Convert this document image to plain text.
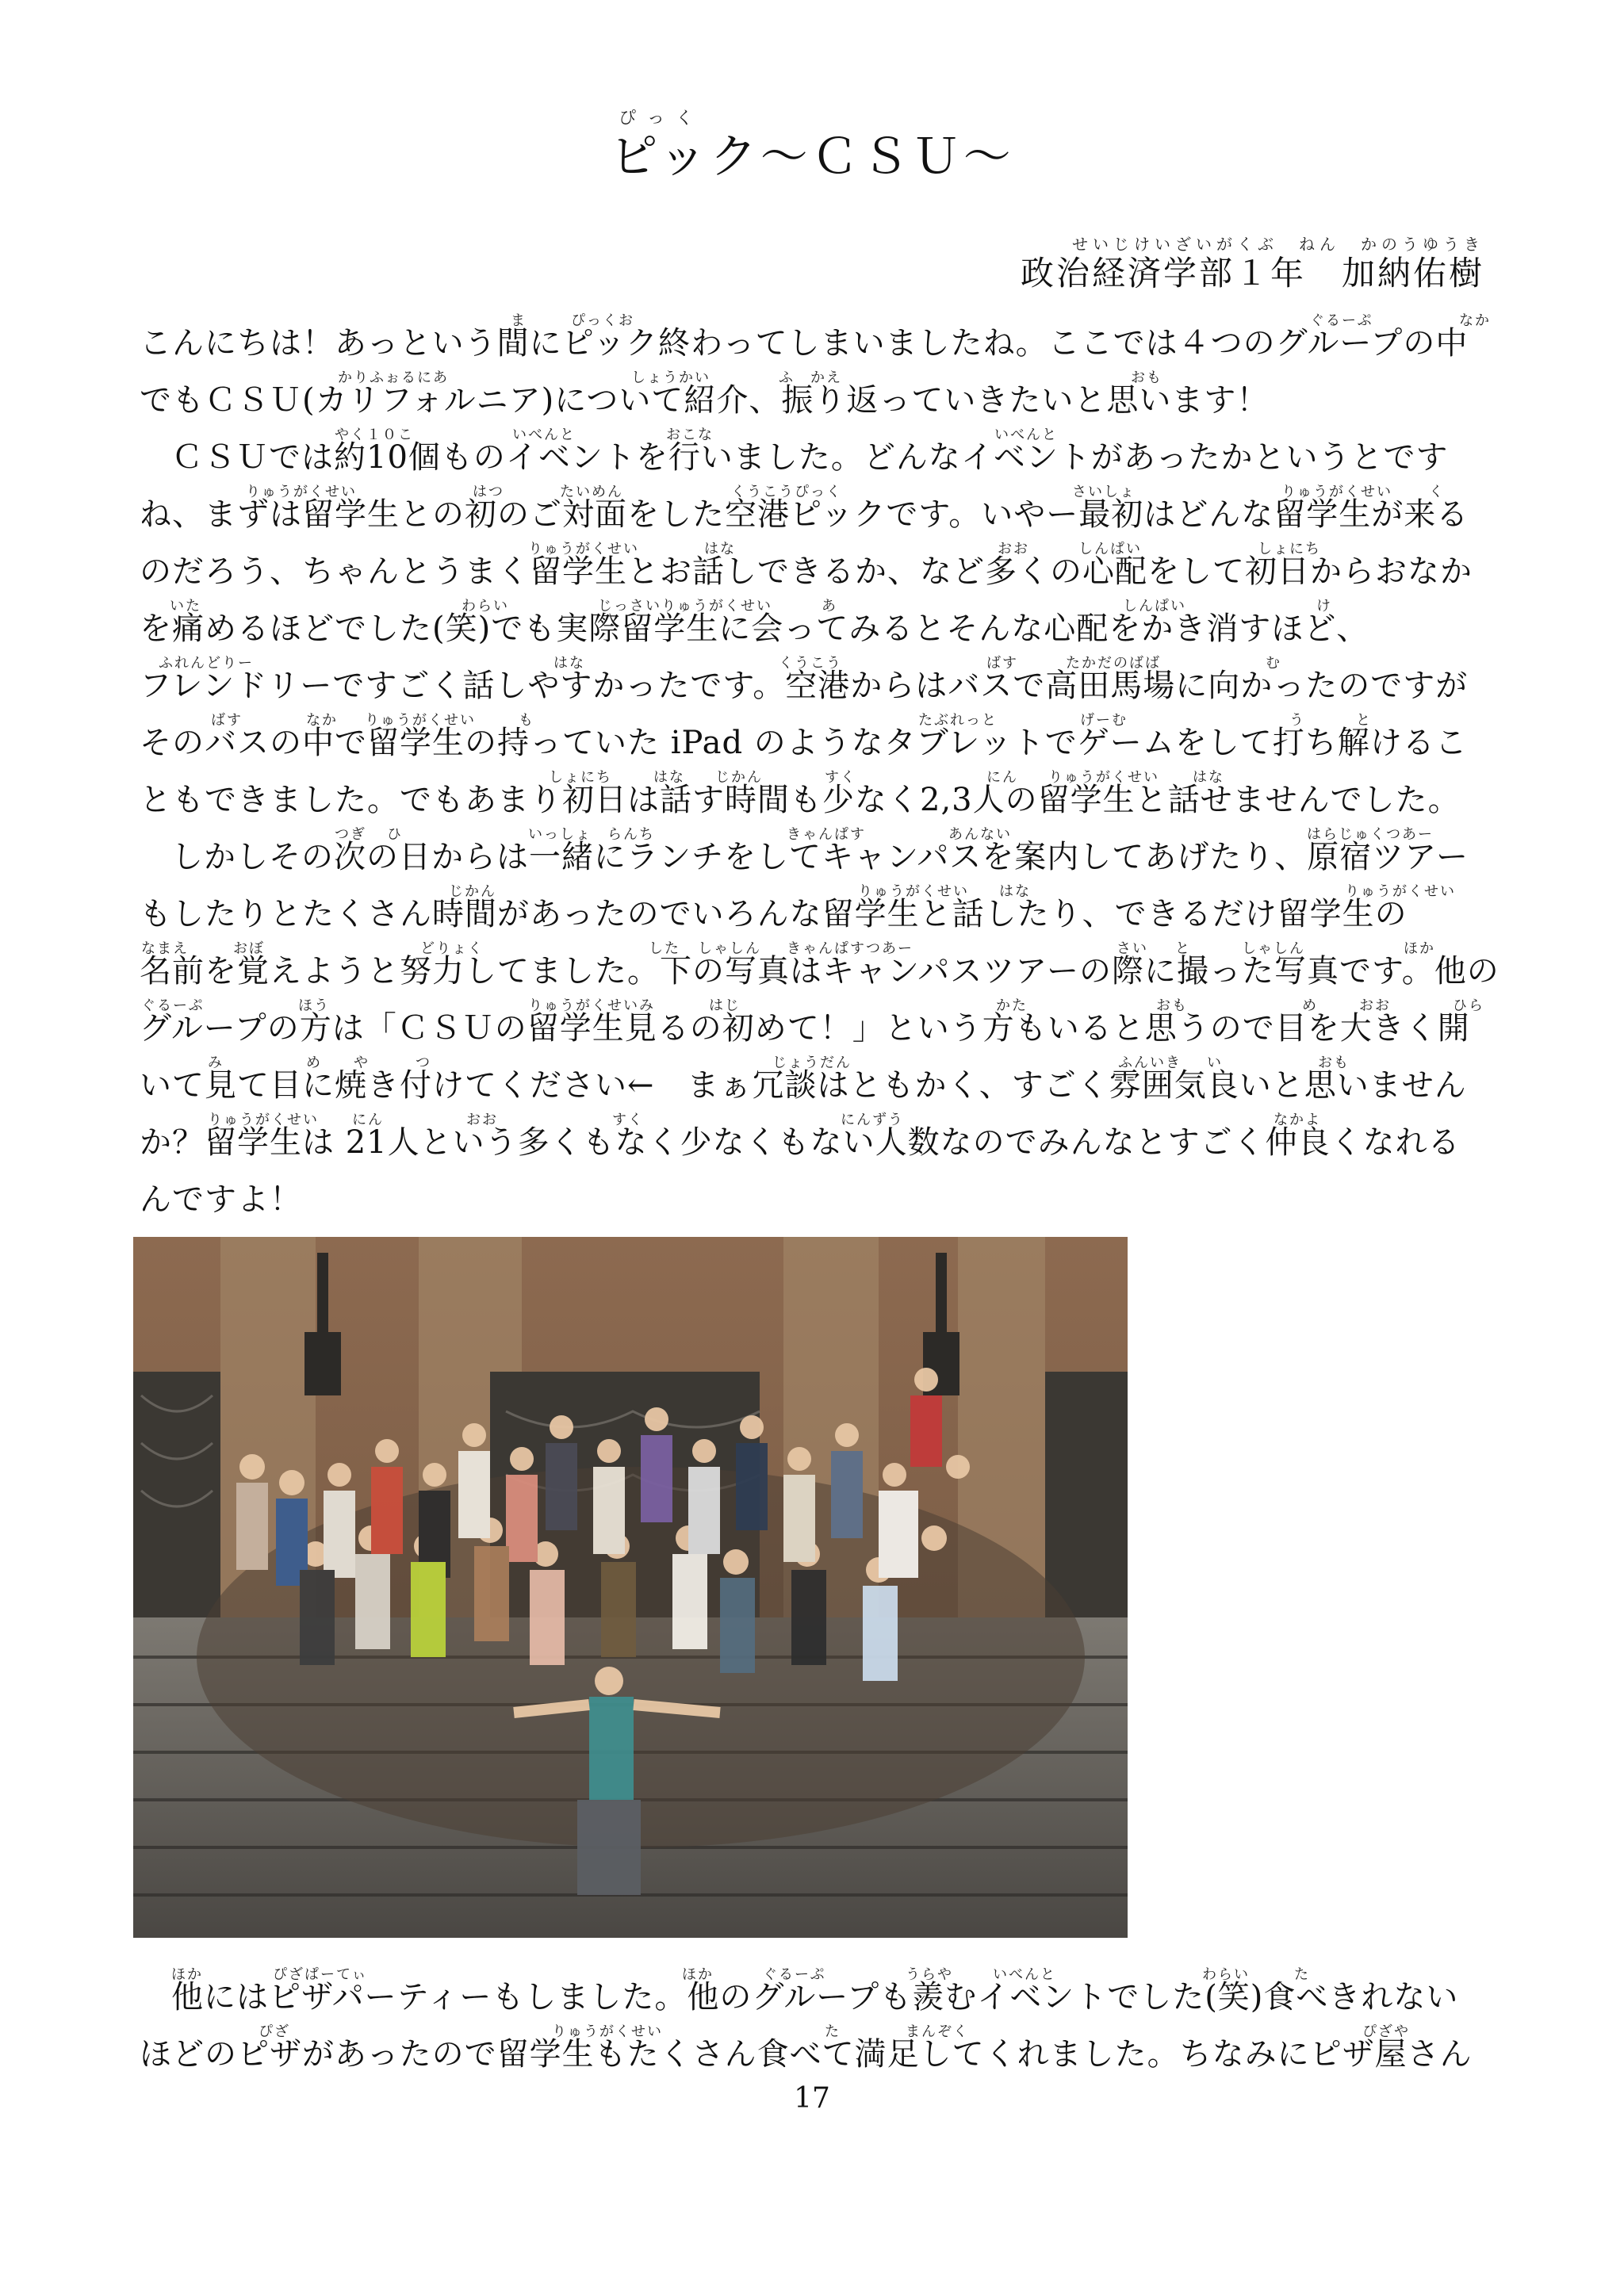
ぴっく
ピック～ＣＳＵ～
せいじけいざいがくぶ　ねん　かのうゆうき
政治経済学部１年　加納佑樹
ま	ぴっくお	ぐるーぷ	なか
こんにちは！あっという間にピック終わってしまいましたね。ここでは４つのグループの中
かりふぉるにあ	しょうかい	ふ かえ	おも
でもＣＳＵ(カリフォルニア)について紹介、振り返っていきたいと思います！
やく１０こ	いべんと	おこな	いべんと
ＣＳＵでは約10個ものイベントを行いました。どんなイベントがあったかというとです
りゅうがくせい	はつ	たいめん	くうこうぴっく	さいしょ	りゅうがくせい	く
ね、まずは留学生との初のご対面をした空港ピックです。いやー最初はどんな留学生が来る
りゅうがくせい	はな	おお	しんぱい	しょにち
のだろう、ちゃんとうまく留学生とお話しできるか、など多くの心配をして初日からおなか
いた	わらい	じっさいりゅうがくせい	あ	しんぱい	け
を痛めるほどでした(笑)でも実際留学生に会ってみるとそんな心配をかき消すほど、
ふれんどりー	はな	くうこう	ばす	たかだのばば	む
フレンドリーですごく話しやすかったです。空港からはバスで高田馬場に向かったのですが
ばす	なか りゅうがくせい	も	たぶれっと	げーむ	う	と
そのバスの中で留学生の持っていた iPad のようなタブレットでゲームをして打ち解けるこ
しょにち	はな じかん	すく	にん りゅうがくせい はな
ともできました。でもあまり初日は話す時間も少なく2,3人の留学生と話せませんでした。
つぎ ひ	いっしょ らんち	きゃんぱす	あんない	はらじゅくつあー
しかしその次の日からは一緒にランチをしてキャンパスを案内してあげたり、原宿ツアー
じかん	りゅうがくせい はな	りゅうがくせい
もしたりとたくさん時間があったのでいろんな留学生と話したり、できるだけ留学生の
なまえ	おぼ	どりょく	した しゃしん きゃんぱすつあー	さい と	しゃしん	ほか
名前を覚えようと努力してました。下の写真はキャンパスツアーの際に撮った写真です。他の
ぐるーぷ	ほう	りゅうがくせいみ	はじ	かた	おも	め	おお	ひら
グループの方は「ＣＳＵの留学生見るの初めて！」という方もいると思うので目を大きく開
み	め や	つ	じょうだん	ふんいき い	おも
いて見て目に焼き付けてください←　まぁ冗談はともかく、すごく雰囲気良いと思いません
りゅうがくせい にん	おお	すく	にんずう	なかよ
か？留学生は 21人という多くもなく少なくもない人数なのでみんなとすごく仲良くなれる
んですよ！
ほか	ぴざぱーてぃ	ほか	ぐるーぷ	うらや	いべんと	わらい	た
他にはピザパーティーもしました。他のグループも羨むイベントでした(笑)食べきれない
ぴざ	りゅうがくせい	た	まんぞく	ぴざや
ほどのピザがあったので留学生もたくさん食べて満足してくれました。ちなみにピザ屋さん
17
